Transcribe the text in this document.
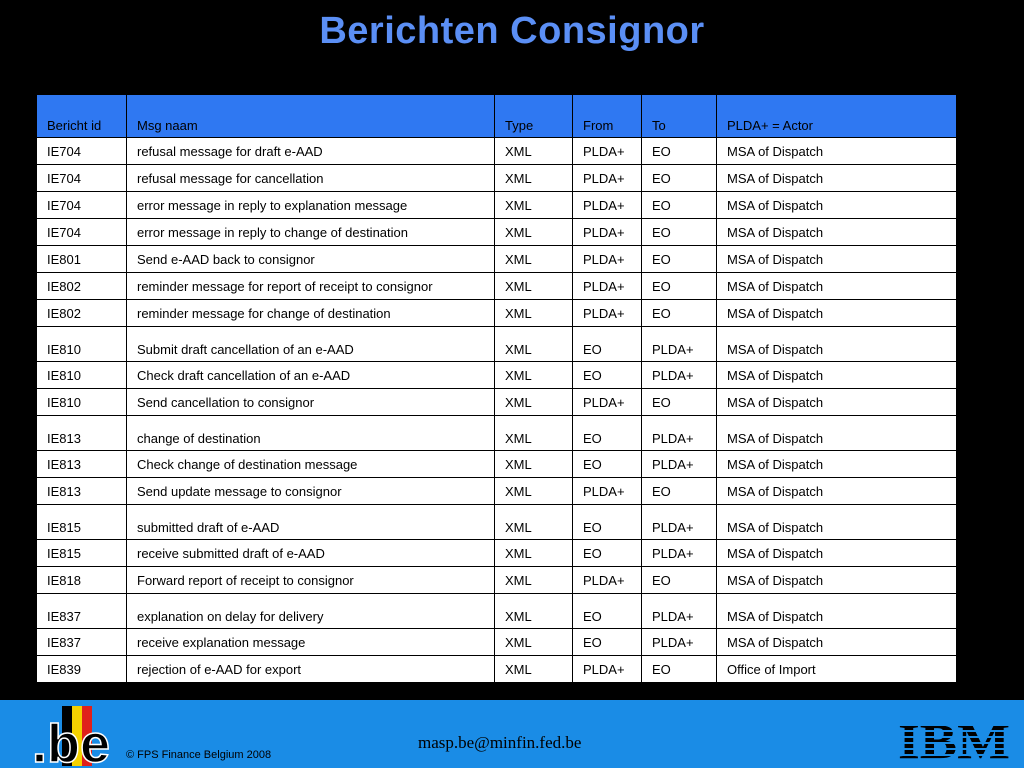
Berichten Consignor
Bericht id	Msg naam	Type	From	To	PLDA+ = Actor
IE704	refusal message for draft e-AAD	XML	PLDA+	EO	MSA of Dispatch
IE704	refusal message for cancellation	XML	PLDA+	EO	MSA of Dispatch
IE704	error message in reply to explanation message	XML	PLDA+	EO	MSA of Dispatch
IE704	error message in reply to change of destination	XML	PLDA+	EO	MSA of Dispatch
IE801	Send e-AAD back to consignor	XML	PLDA+	EO	MSA of Dispatch
IE802	reminder message for report of receipt to consignor	XML	PLDA+	EO	MSA of Dispatch
IE802	reminder message for change of destination	XML	PLDA+	EO	MSA of Dispatch
IE810	Submit draft cancellation of an e-AAD	XML	EO	PLDA+	MSA of Dispatch
IE810	Check draft cancellation of an e-AAD	XML	EO	PLDA+	MSA of Dispatch
IE810	Send cancellation to consignor	XML	PLDA+	EO	MSA of Dispatch
IE813	change of destination	XML	EO	PLDA+	MSA of Dispatch
IE813	Check change of destination message	XML	EO	PLDA+	MSA of Dispatch
IE813	Send update message to consignor	XML	PLDA+	EO	MSA of Dispatch
IE815	submitted draft of e-AAD	XML	EO	PLDA+	MSA of Dispatch
IE815	receive submitted draft of e-AAD	XML	EO	PLDA+	MSA of Dispatch
IE818	Forward report of receipt to consignor	XML	PLDA+	EO	MSA of Dispatch
IE837	explanation on delay for delivery	XML	EO	PLDA+	MSA of Dispatch
IE837	receive explanation message	XML	EO	PLDA+	MSA of Dispatch
IE839	rejection of e-AAD for export	XML	PLDA+	EO	Office of Import
.be © FPS Finance Belgium 2008
masp.be@minfin.fed.be	IBM
